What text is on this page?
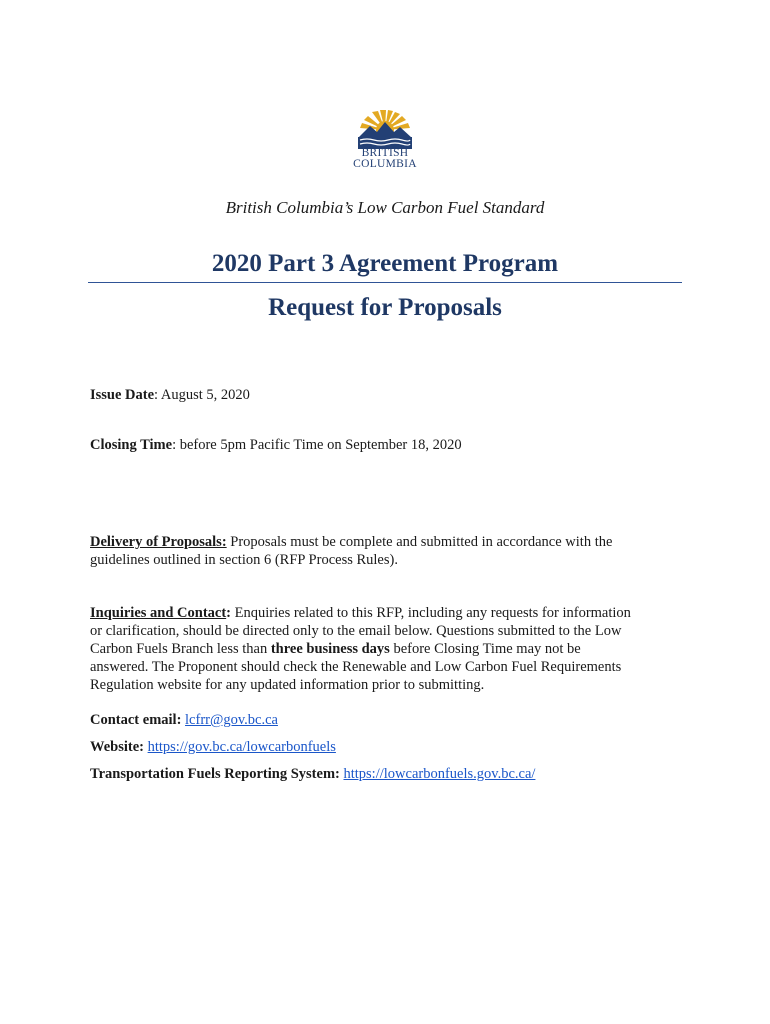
BRITISH
COLUMBIA
British Columbia’s Low Carbon Fuel Standard
2020 Part 3 Agreement Program
Request for Proposals
Issue Date: August 5, 2020
Closing Time: before 5pm Pacific Time on September 18, 2020
Delivery of Proposals: Proposals must be complete and submitted in accordance with the guidelines outlined in section 6 (RFP Process Rules).
Inquiries and Contact: Enquiries related to this RFP, including any requests for information or clarification, should be directed only to the email below. Questions submitted to the Low Carbon Fuels Branch less than three business days before Closing Time may not be answered. The Proponent should check the Renewable and Low Carbon Fuel Requirements Regulation website for any updated information prior to submitting.
Contact email: lcfrr@gov.bc.ca
Website: https://gov.bc.ca/lowcarbonfuels
Transportation Fuels Reporting System: https://lowcarbonfuels.gov.bc.ca/
